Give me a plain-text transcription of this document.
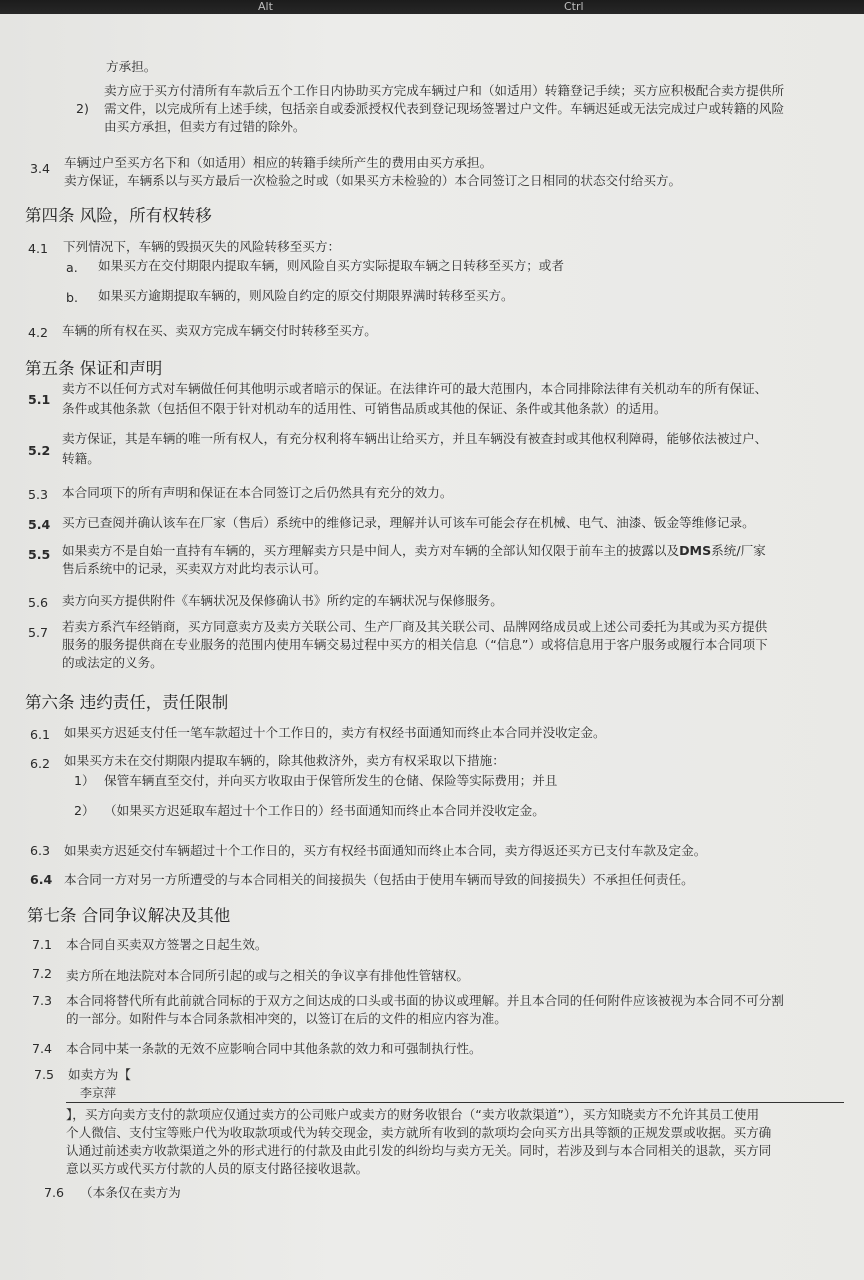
Alt	Ctrl
方承担。
2)
卖方应于买方付清所有车款后五个工作日内协助买方完成车辆过户和（如适用）转籍登记手续；买方应积极配合卖方提供所
需文件，以完成所有上述手续，包括亲自或委派授权代表到登记现场签署过户文件。车辆迟延或无法完成过户或转籍的风险
由买方承担，但卖方有过错的除外。
3.4 车辆过户至买方名下和（如适用）相应的转籍手续所产生的费用由买方承担。
卖方保证，车辆系以与买方最后一次检验之时或（如果买方未检验的）本合同签订之日相同的状态交付给买方。
第四条 风险，所有权转移
4.1 下列情况下，车辆的毁损灭失的风险转移至买方：
a. 如果买方在交付期限内提取车辆，则风险自买方实际提取车辆之日转移至买方；或者
b. 如果买方逾期提取车辆的，则风险自约定的原交付期限界满时转移至买方。
4.2 车辆的所有权在买、卖双方完成车辆交付时转移至买方。
第五条 保证和声明
5.1
卖方不以任何方式对车辆做任何其他明示或者暗示的保证。在法律许可的最大范围内，本合同排除法律有关机动车的所有保证、
条件或其他条款（包括但不限于针对机动车的适用性、可销售品质或其他的保证、条件或其他条款）的适用。
5.2
卖方保证，其是车辆的唯一所有权人，有充分权利将车辆出让给买方，并且车辆没有被查封或其他权利障碍，能够依法被过户、
转籍。
5.3 本合同项下的所有声明和保证在本合同签订之后仍然具有充分的效力。
5.4 买方已查阅并确认该车在厂家（售后）系统中的维修记录，理解并认可该车可能会存在机械、电气、油漆、钣金等维修记录。
5.5 如果卖方不是自始一直持有车辆的，买方理解卖方只是中间人，卖方对车辆的全部认知仅限于前车主的披露以及DMS系统/厂家
售后系统中的记录，买卖双方对此均表示认可。
5.6 卖方向买方提供附件《车辆状况及保修确认书》所约定的车辆状况与保修服务。
5.7 若卖方系汽车经销商，买方同意卖方及卖方关联公司、生产厂商及其关联公司、品牌网络成员或上述公司委托为其或为买方提供
服务的服务提供商在专业服务的范围内使用车辆交易过程中买方的相关信息（“信息”）或将信息用于客户服务或履行本合同项下
的或法定的义务。
第六条 违约责任，责任限制
6.1 如果买方迟延支付任一笔车款超过十个工作日的，卖方有权经书面通知而终止本合同并没收定金。
6.2 如果买方未在交付期限内提取车辆的，除其他救济外，卖方有权采取以下措施：
1） 保管车辆直至交付，并向买方收取由于保管所发生的仓储、保险等实际费用；并且
2） （如果买方迟延取车超过十个工作日的）经书面通知而终止本合同并没收定金。
6.3 如果卖方迟延交付车辆超过十个工作日的，买方有权经书面通知而终止本合同，卖方得返还买方已支付车款及定金。
6.4 本合同一方对另一方所遭受的与本合同相关的间接损失（包括由于使用车辆而导致的间接损失）不承担任何责任。
第七条 合同争议解决及其他
7.1 本合同自买卖双方签署之日起生效。
7.2 卖方所在地法院对本合同所引起的或与之相关的争议享有排他性管辖权。
7.3 本合同将替代所有此前就合同标的于双方之间达成的口头或书面的协议或理解。并且本合同的任何附件应该被视为本合同不可分割
的一部分。如附件与本合同条款相冲突的，以签订在后的文件的相应内容为准。
7.4 本合同中某一条款的无效不应影响合同中其他条款的效力和可强制执行性。
7.5 如卖方为【
李京萍
】，买方向卖方支付的款项应仅通过卖方的公司账户或卖方的财务收银台（“卖方收款渠道”），买方知晓卖方不允许其员工使用
个人微信、支付宝等账户代为收取款项或代为转交现金，卖方就所有收到的款项均会向买方出具等额的正规发票或收据。买方确
认通过前述卖方收款渠道之外的形式进行的付款及由此引发的纠纷均与卖方无关。同时，若涉及到与本合同相关的退款，买方同
意以买方或代买方付款的人员的原支付路径接收退款。
7.6 （本条仅在卖方为
